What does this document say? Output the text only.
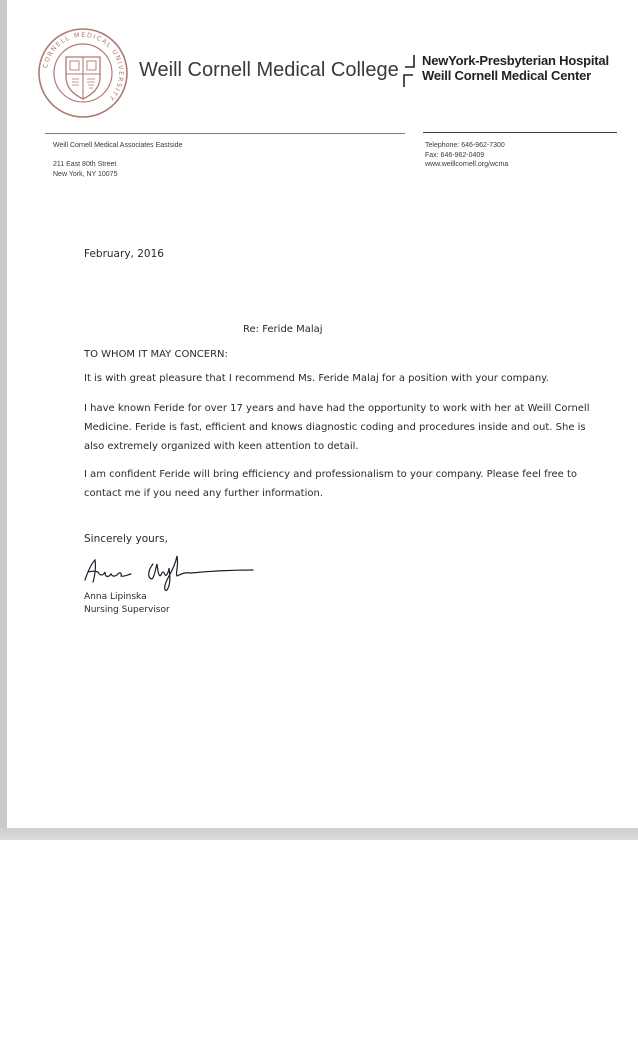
CORNELL MEDICAL UNIVERSITY
Weill Cornell Medical College NewYork-Presbyterian Hospital
Weill Cornell Medical Center
Weill Cornell Medical Associates Eastside
211 East 80th Street
New York, NY 10075
Telephone: 646-962-7300
Fax: 646-962-0409
www.weillcornell.org/wcma
February, 2016
Re: Feride Malaj
TO WHOM IT MAY CONCERN:

It is with great pleasure that I recommend Ms. Feride Malaj for a position with your company.

I have known Feride for over 17 years and have had the opportunity to work with her at Weill Cornell Medicine. Feride is fast, efficient and knows diagnostic coding and procedures inside and out. She is also extremely organized with keen attention to detail.

I am confident Feride will bring efficiency and professionalism to your company. Please feel free to contact me if you need any further information.

Sincerely yours,
Anna Lipinska
Nursing Supervisor
